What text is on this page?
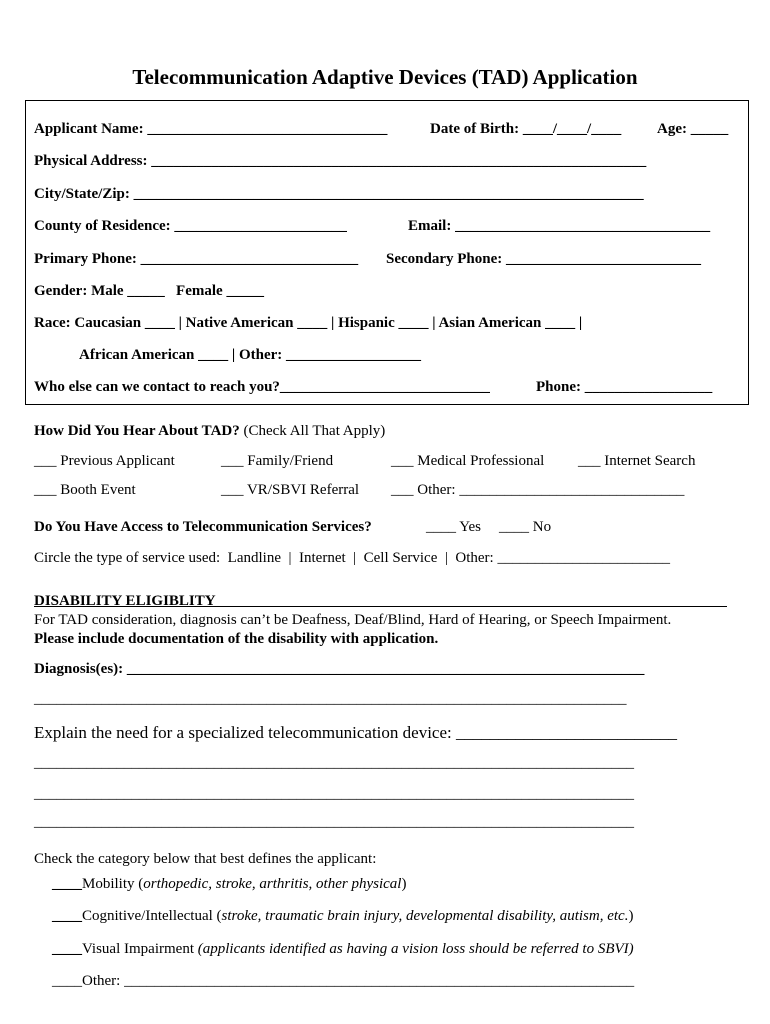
Telecommunication Adaptive Devices (TAD) Application
Applicant Name: ________________________________	Date of Birth: ____/____/____ Age: _____
Physical Address: __________________________________________________________________
City/State/Zip: ____________________________________________________________________
County of Residence: _______________________	Email: __________________________________
Primary Phone: _____________________________ Secondary Phone: __________________________
Gender: Male _____   Female _____
Race: Caucasian ____ | Native American ____ | Hispanic ____ | Asian American ____ |
African American ____ | Other: __________________
Who else can we contact to reach you?____________________________	Phone: _________________
How Did You Hear About TAD? (Check All That Apply)
___ Previous Applicant	___ Family/Friend	___ Medical Professional ___ Internet Search
___ Booth Event	___ VR/SBVI Referral ___ Other: ______________________________
Do You Have Access to Telecommunication Services?	____ Yes ____ No
Circle the type of service used:  Landline  |  Internet  |  Cell Service  |  Other: _______________________
DISABILITY ELIGIBLITY
For TAD consideration, diagnosis can’t be Deafness, Deaf/Blind, Hard of Hearing, or Speech Impairment.
Please include documentation of the disability with application.
Diagnosis(es): _____________________________________________________________________
_______________________________________________________________________________
Explain the need for a specialized telecommunication device: __________________________
________________________________________________________________________________
________________________________________________________________________________
________________________________________________________________________________
Check the category below that best defines the applicant:
____Mobility (orthopedic, stroke, arthritis, other physical)
____Cognitive/Intellectual (stroke, traumatic brain injury, developmental disability, autism, etc.)
____Visual Impairment (applicants identified as having a vision loss should be referred to SBVI)
____Other: ____________________________________________________________________
